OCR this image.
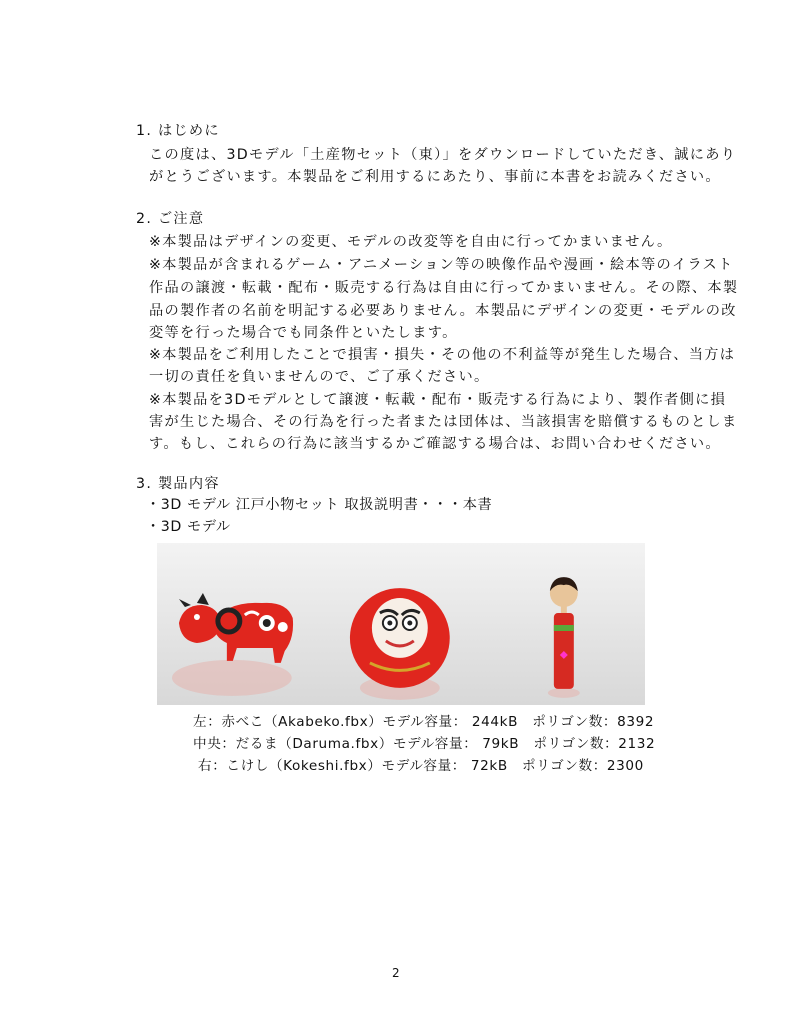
1. はじめに
この度は、3Dモデル「土産物セット（東）」をダウンロードしていただき、誠にあり
がとうございます。本製品をご利用するにあたり、事前に本書をお読みください。
2. ご注意
※本製品はデザインの変更、モデルの改変等を自由に行ってかまいません。
※本製品が含まれるゲーム・アニメーション等の映像作品や漫画・絵本等のイラスト
作品の譲渡・転載・配布・販売する行為は自由に行ってかまいません。その際、本製
品の製作者の名前を明記する必要ありません。本製品にデザインの変更・モデルの改
変等を行った場合でも同条件といたします。
※本製品をご利用したことで損害・損失・その他の不利益等が発生した場合、当方は
一切の責任を負いませんので、ご了承ください。
※本製品を3Dモデルとして譲渡・転載・配布・販売する行為により、製作者側に損
害が生じた場合、その行為を行った者または団体は、当該損害を賠償するものとしま
す。もし、これらの行為に該当するかご確認する場合は、お問い合わせください。
3. 製品内容
・3D モデル 江戸小物セット 取扱説明書・・・本書
・3D モデル
左：赤べこ（Akabeko.fbx）モデル容量： 244kB　ポリゴン数：8392
中央：だるま（Daruma.fbx）モデル容量： 79kB　ポリゴン数：2132
右：こけし（Kokeshi.fbx）モデル容量： 72kB　ポリゴン数：2300
2
